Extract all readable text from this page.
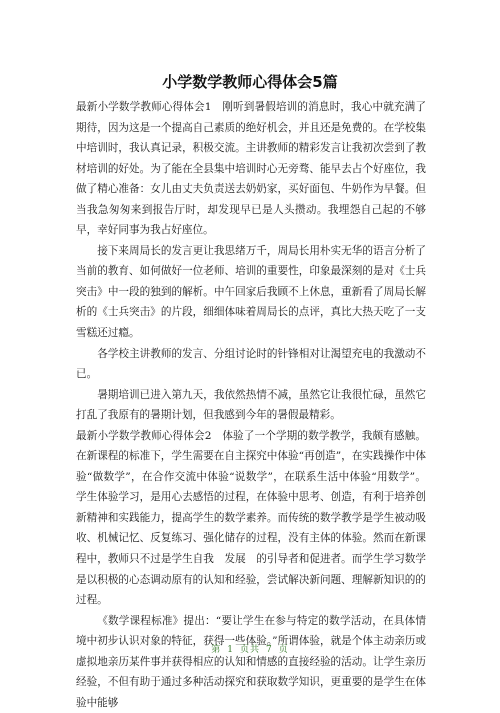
小学数学教师心得体会5篇

最新小学数学教师心得体会1　刚听到暑假培训的消息时，我心中就充满了期待，因为这是一个提高自己素质的绝好机会，并且还是免费的。在学校集中培训时，我认真记录，积极交流。主讲教师的精彩发言让我初次尝到了教材培训的好处。为了能在全县集中培训时心无旁骛、能早去占个好座位，我做了精心准备：女儿由丈夫负责送去奶奶家，买好面包、牛奶作为早餐。但当我急匆匆来到报告厅时，却发现早已是人头攒动。我埋怨自己起的不够早，幸好同事为我占好座位。

接下来周局长的发言更让我思绪万千，周局长用朴实无华的语言分析了当前的教育、如何做好一位老师、培训的重要性，印象最深刻的是对《士兵突击》中一段的独到的解析。中午回家后我顾不上休息，重新看了周局长解析的《士兵突击》的片段，细细体味着周局长的点评，真比大热天吃了一支雪糕还过瘾。

各学校主讲教师的发言、分组讨论时的针锋相对让渴望充电的我激动不已。

暑期培训已进入第九天，我依然热情不减，虽然它让我很忙碌，虽然它打乱了我原有的暑期计划，但我感到今年的暑假最精彩。

最新小学数学教师心得体会2　体验了一个学期的数学教学，我颇有感触。在新课程的标准下，学生需要在自主探究中体验“再创造”，在实践操作中体验“做数学”，在合作交流中体验“说数学”，在联系生活中体验“用数学”。学生体验学习，是用心去感悟的过程，在体验中思考、创造，有利于培养创新精神和实践能力，提高学生的数学素养。而传统的数学教学是学生被动吸收、机械记忆、反复练习、强化储存的过程，没有主体的体验。然而在新课程中，教师只不过是学生自我　发展　的引导者和促进者。而学生学习数学是以积极的心态调动原有的认知和经验，尝试解决新问题、理解新知识的的过程。

《数学课程标准》提出：“要让学生在参与特定的数学活动，在具体情境中初步认识对象的特征，获得一些体验。”所谓体验，就是个体主动亲历或虚拟地亲历某件事并获得相应的认知和情感的直接经验的活动。让学生亲历经验，不但有助于通过多种活动探究和获取数学知识，更重要的是学生在体验中能够

第 1 页共 7 页
